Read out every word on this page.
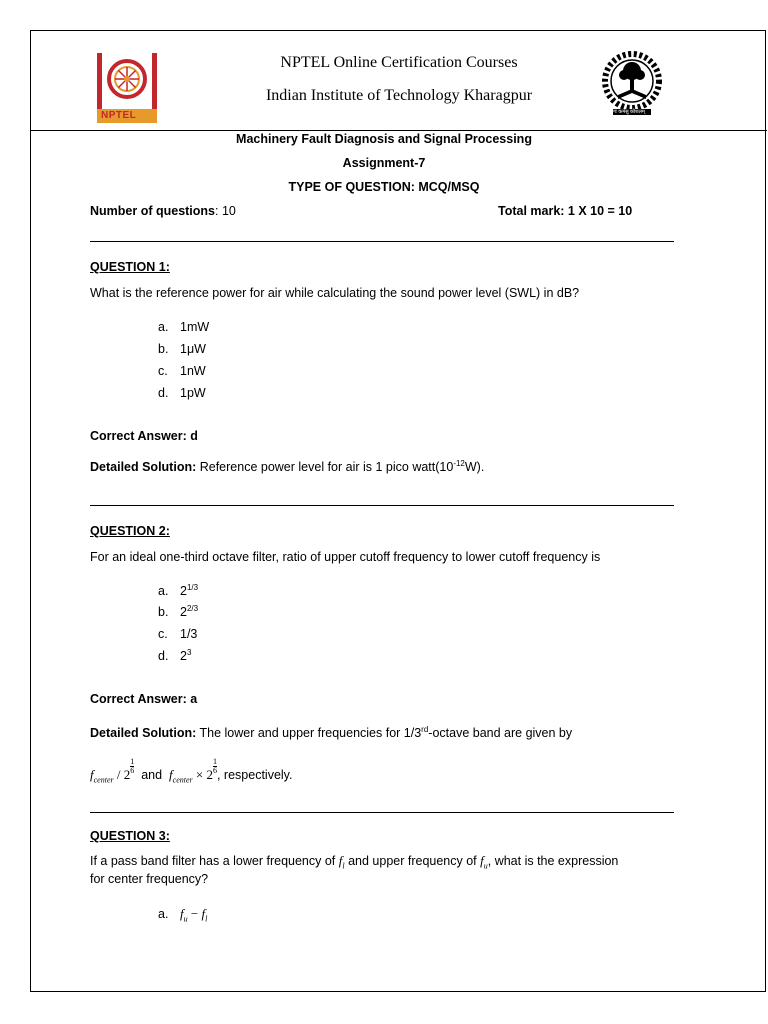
NPTEL	योगः कर्मसु कौशलम्
NPTEL Online Certification Courses
Indian Institute of Technology Kharagpur
Machinery Fault Diagnosis and Signal Processing
Assignment-7
TYPE OF QUESTION: MCQ/MSQ
Number of questions: 10	Total mark: 1 X 10 = 10
QUESTION 1:
What is the reference power for air while calculating the sound power level (SWL) in dB?
a. 1mW
b. 1μW
c. 1nW
d. 1pW
Correct Answer: d
Detailed Solution: Reference power level for air is 1 pico $watt(10^{-12}W)$.
QUESTION 2:
For an ideal one-third octave filter, ratio of upper cutoff frequency to lower cutoff frequency is
a. $2^{1/3}$
b. $2^{2/3}$
c. 1/3
d. $2^3$
Correct Answer: a
Detailed Solution: The lower and upper frequencies for 1/3rd-octave band are given by
$f_{center} / 2 \frac{1}{6}$ and $f_{center} \times 2 \frac{1}{6}$ , respectively.
QUESTION 3:
If a pass band filter has a lower frequency of $f_l$ and upper frequency of $f_u$, what is the expression
for center frequency?
a. $f_u - f_l$
